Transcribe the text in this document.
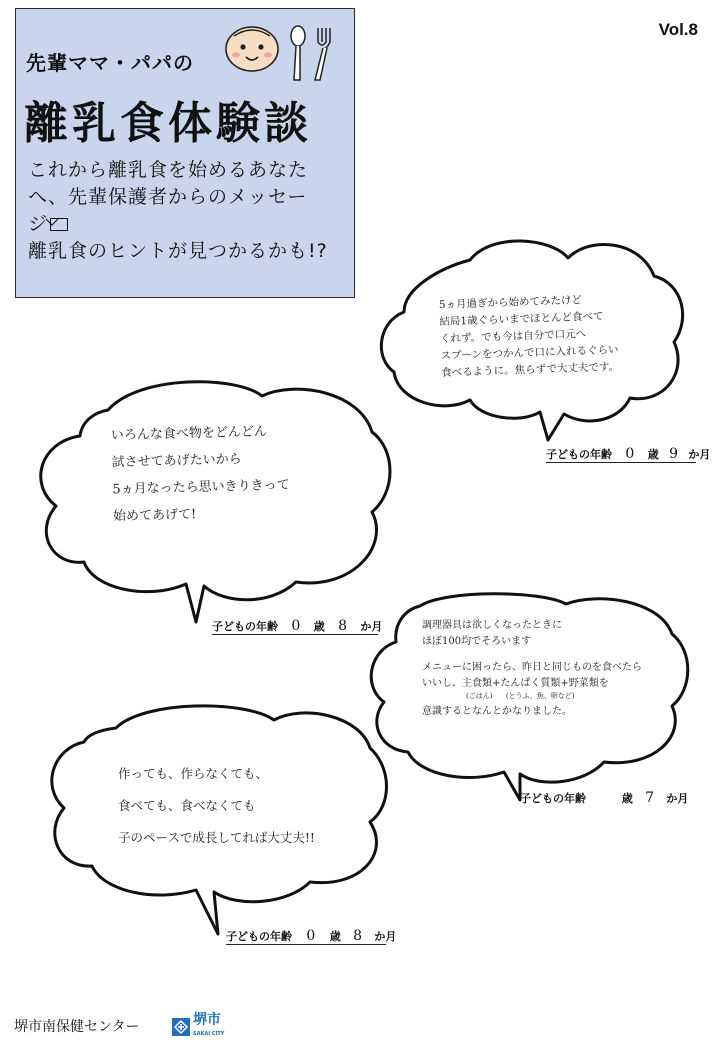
先輩ママ・パパの
離乳食体験談

これから離乳食を始めるあなた

へ、先輩保護者からのメッセー

ジ

離乳食のヒントが見つかるかも!?

Vol.8

5ヵ月過ぎから始めてみたけど

結局1歳ぐらいまでほとんど食べて

くれず。でも今は自分で口元へ

スプーンをつかんで口に入れるぐらい

食べるように。焦らずで大丈夫です。

子どもの年齢 0 歳 9 か月

いろんな食べ物をどんどん

試させてあげたいから

5ヵ月なったら思いきりきって

始めてあげて!

子どもの年齢 0 歳 8 か月	調理器具は欲しくなったときに

ほぼ100均でそろいます

メニューに困ったら、昨日と同じものを食べたら

いいし、主食類+たんぱく質類+野菜類を

(ごはん) (とうふ、魚、卵など)

意識するとなんとかなりました。

子どもの年齢	歳 7 か月

作っても、作らなくても、

食べても、食べなくても

子のペースで成長してれば大丈夫!!

子どもの年齢 0 歳 8 か月
堺市南保健センター	堺市
SAKAI CITY
